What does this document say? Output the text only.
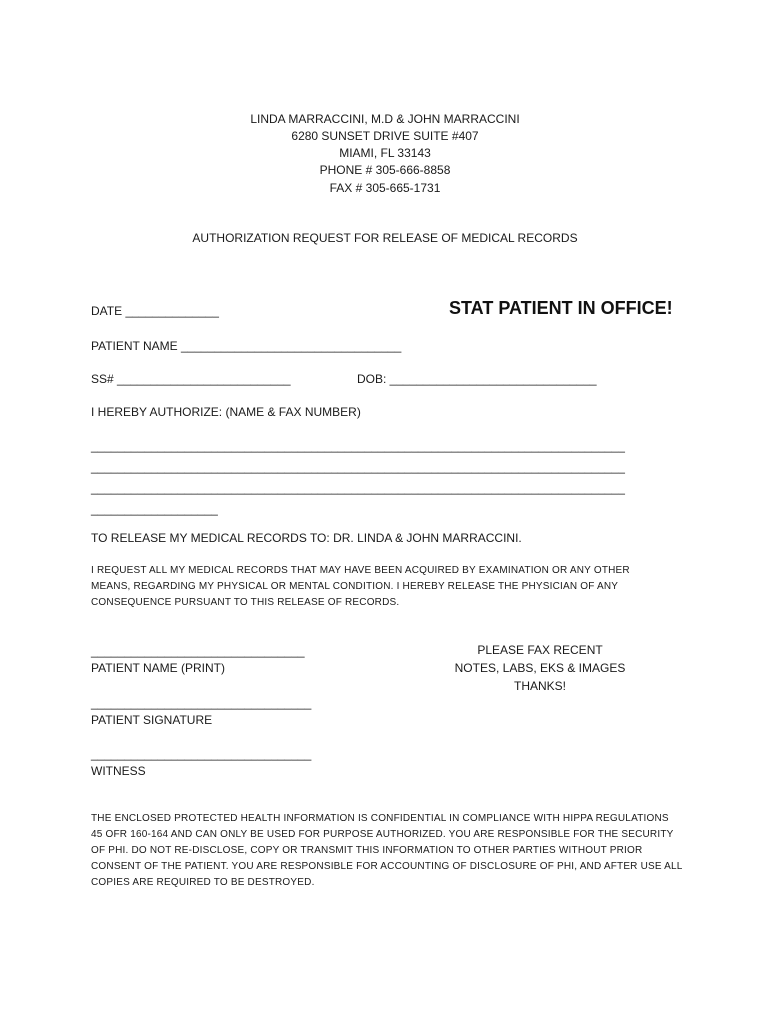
LINDA MARRACCINI, M.D & JOHN MARRACCINI
6280 SUNSET DRIVE SUITE #407
MIAMI, FL 33143
PHONE # 305-666-8858
FAX # 305-665-1731
AUTHORIZATION REQUEST FOR RELEASE OF MEDICAL RECORDS
DATE ______________	STAT PATIENT IN OFFICE!
PATIENT NAME _________________________________
SS# __________________________	DOB: _______________________________
I HEREBY AUTHORIZE: (NAME & FAX NUMBER)
________________________________________________________________________________
________________________________________________________________________________
________________________________________________________________________________
___________________
TO RELEASE MY MEDICAL RECORDS TO: DR. LINDA & JOHN MARRACCINI.
I REQUEST ALL MY MEDICAL RECORDS THAT MAY HAVE BEEN ACQUIRED BY EXAMINATION OR ANY OTHER
MEANS, REGARDING MY PHYSICAL OR MENTAL CONDITION. I HEREBY RELEASE THE PHYSICIAN OF ANY
CONSEQUENCE PURSUANT TO THIS RELEASE OF RECORDS.
________________________________
PATIENT NAME (PRINT)
_________________________________
PATIENT SIGNATURE
_________________________________
WITNESS
PLEASE FAX RECENT
NOTES, LABS, EKS & IMAGES
THANKS!
THE ENCLOSED PROTECTED HEALTH INFORMATION IS CONFIDENTIAL IN COMPLIANCE WITH HIPPA REGULATIONS
45 OFR 160-164 AND CAN ONLY BE USED FOR PURPOSE AUTHORIZED. YOU ARE RESPONSIBLE FOR THE SECURITY
OF PHI. DO NOT RE-DISCLOSE, COPY OR TRANSMIT THIS INFORMATION TO OTHER PARTIES WITHOUT PRIOR
CONSENT OF THE PATIENT. YOU ARE RESPONSIBLE FOR ACCOUNTING OF DISCLOSURE OF PHI, AND AFTER USE ALL
COPIES ARE REQUIRED TO BE DESTROYED.
